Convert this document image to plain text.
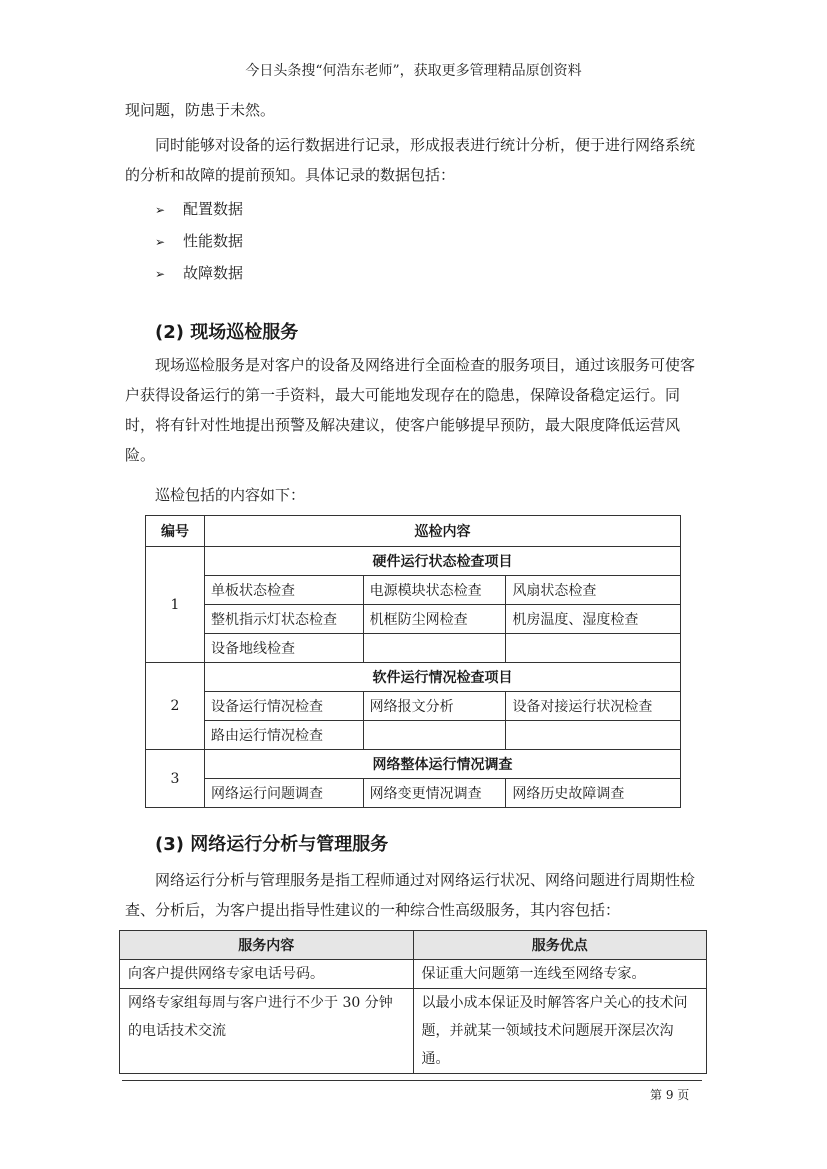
今日头条搜“何浩东老师”，获取更多管理精品原创资料

现问题，防患于未然。

同时能够对设备的运行数据进行记录，形成报表进行统计分析，便于进行网络系统的分析和故障的提前预知。具体记录的数据包括：

➢ 配置数据
➢ 性能数据
➢ 故障数据
(2) 现场巡检服务

现场巡检服务是对客户的设备及网络进行全面检查的服务项目，通过该服务可使客户获得设备运行的第一手资料，最大可能地发现存在的隐患，保障设备稳定运行。同时，将有针对性地提出预警及解决建议，使客户能够提早预防，最大限度降低运营风险。

巡检包括的内容如下：

编号	巡检内容		
1	硬件运行状态检查项目		
	单板状态检查	电源模块状态检查	风扇状态检查
	整机指示灯状态检查	机框防尘网检查	机房温度、湿度检查
	设备地线检查		
2	软件运行情况检查项目		
	设备运行情况检查	网络报文分析	设备对接运行状况检查
	路由运行情况检查		
3	网络整体运行情况调查		
	网络运行问题调查	网络变更情况调查	网络历史故障调查
(3) 网络运行分析与管理服务

网络运行分析与管理服务是指工程师通过对网络运行状况、网络问题进行周期性检查、分析后，为客户提出指导性建议的一种综合性高级服务，其内容包括：

服务内容	服务优点
向客户提供网络专家电话号码。	保证重大问题第一连线至网络专家。
网络专家组每周与客户进行不少于 30 分钟的电话技术交流	以最小成本保证及时解答客户关心的技术问题，并就某一领域技术问题展开深层次沟通。
第 9 页
